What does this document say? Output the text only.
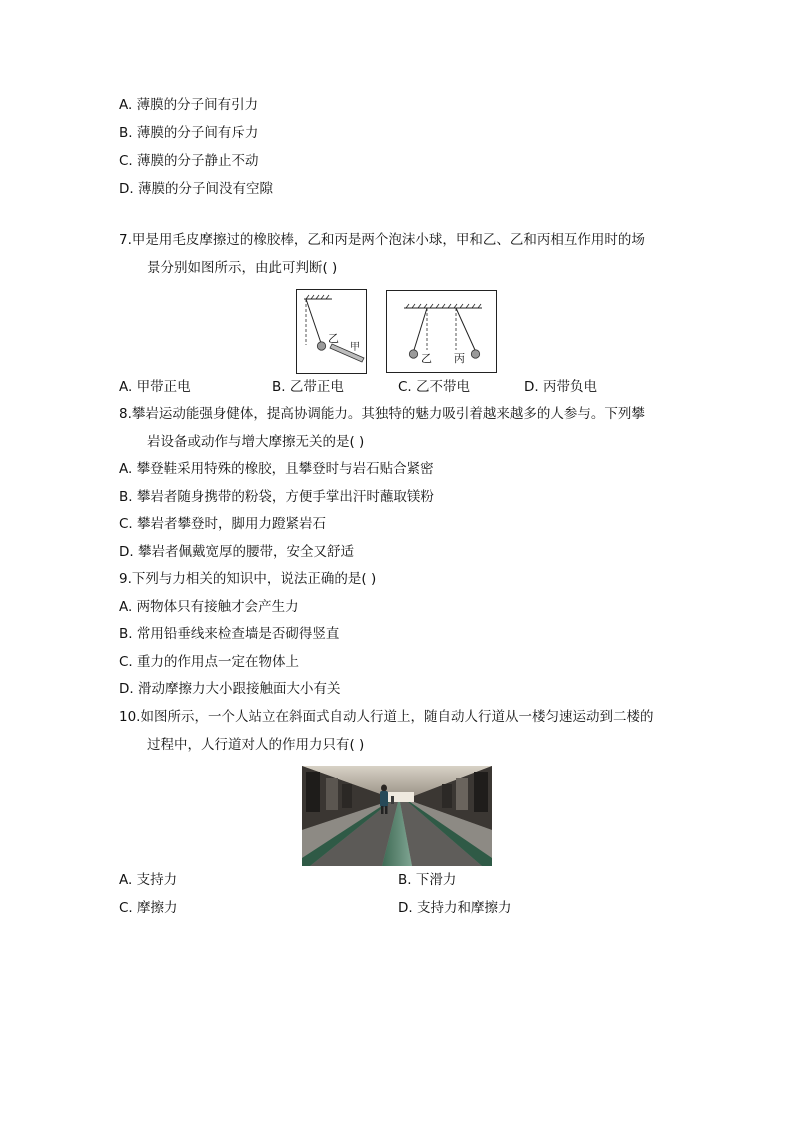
A. 薄膜的分子间有引力
B. 薄膜的分子间有斥力
C. 薄膜的分子静止不动
D. 薄膜的分子间没有空隙
7.甲是用毛皮摩擦过的橡胶棒，乙和丙是两个泡沫小球，甲和乙、乙和丙相互作用时的场
景分别如图所示，由此可判断( )
乙
甲
乙 丙
A. 甲带正电	B. 乙带正电	C. 乙不带电	D. 丙带负电
8.攀岩运动能强身健体，提高协调能力。其独特的魅力吸引着越来越多的人参与。下列攀
岩设备或动作与增大摩擦无关的是( )
A. 攀登鞋采用特殊的橡胶，且攀登时与岩石贴合紧密
B. 攀岩者随身携带的粉袋，方便手掌出汗时蘸取镁粉
C. 攀岩者攀登时，脚用力蹬紧岩石
D. 攀岩者佩戴宽厚的腰带，安全又舒适
9.下列与力相关的知识中，说法正确的是( )
A. 两物体只有接触才会产生力
B. 常用铅垂线来检查墙是否砌得竖直
C. 重力的作用点一定在物体上
D. 滑动摩擦力大小跟接触面大小有关
10.如图所示，一个人站立在斜面式自动人行道上，随自动人行道从一楼匀速运动到二楼的
过程中，人行道对人的作用力只有( )
A. 支持力	B. 下滑力
C. 摩擦力	D. 支持力和摩擦力
